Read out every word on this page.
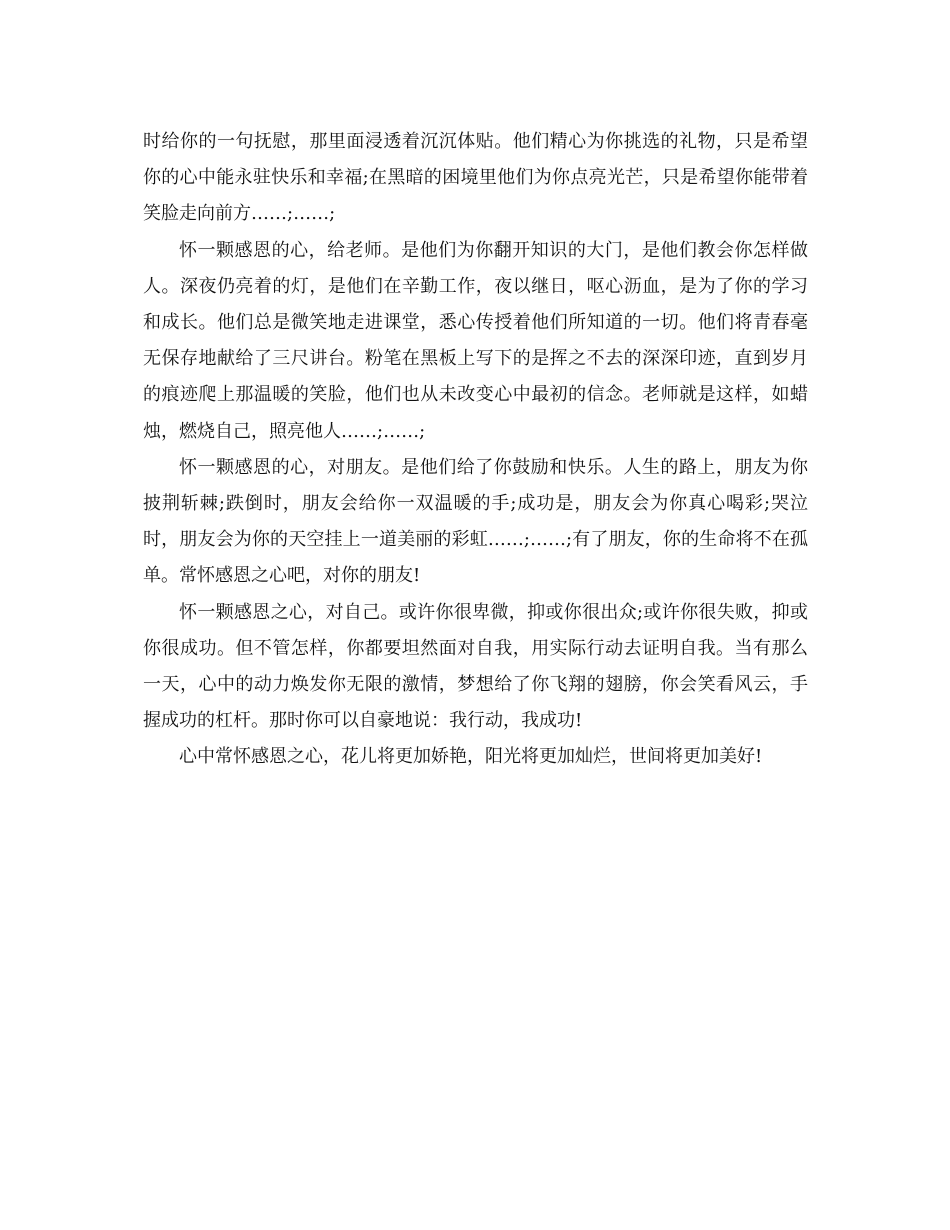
时给你的一句抚慰，那里面浸透着沉沉体贴。他们精心为你挑选的礼物，只是希望你的心中能永驻快乐和幸福;在黑暗的困境里他们为你点亮光芒，只是希望你能带着笑脸走向前方……;……;

怀一颗感恩的心，给老师。是他们为你翻开知识的大门，是他们教会你怎样做人。深夜仍亮着的灯，是他们在辛勤工作，夜以继日，呕心沥血，是为了你的学习和成长。他们总是微笑地走进课堂，悉心传授着他们所知道的一切。他们将青春毫无保存地献给了三尺讲台。粉笔在黑板上写下的是挥之不去的深深印迹，直到岁月的痕迹爬上那温暖的笑脸，他们也从未改变心中最初的信念。老师就是这样，如蜡烛，燃烧自己，照亮他人……;……;

怀一颗感恩的心，对朋友。是他们给了你鼓励和快乐。人生的路上，朋友为你披荆斩棘;跌倒时，朋友会给你一双温暖的手;成功是，朋友会为你真心喝彩;哭泣时，朋友会为你的天空挂上一道美丽的彩虹……;……;有了朋友，你的生命将不在孤单。常怀感恩之心吧，对你的朋友!

怀一颗感恩之心，对自己。或许你很卑微，抑或你很出众;或许你很失败，抑或你很成功。但不管怎样，你都要坦然面对自我，用实际行动去证明自我。当有那么一天，心中的动力焕发你无限的激情，梦想给了你飞翔的翅膀，你会笑看风云，手握成功的杠杆。那时你可以自豪地说：我行动，我成功!

心中常怀感恩之心，花儿将更加娇艳，阳光将更加灿烂，世间将更加美好!
